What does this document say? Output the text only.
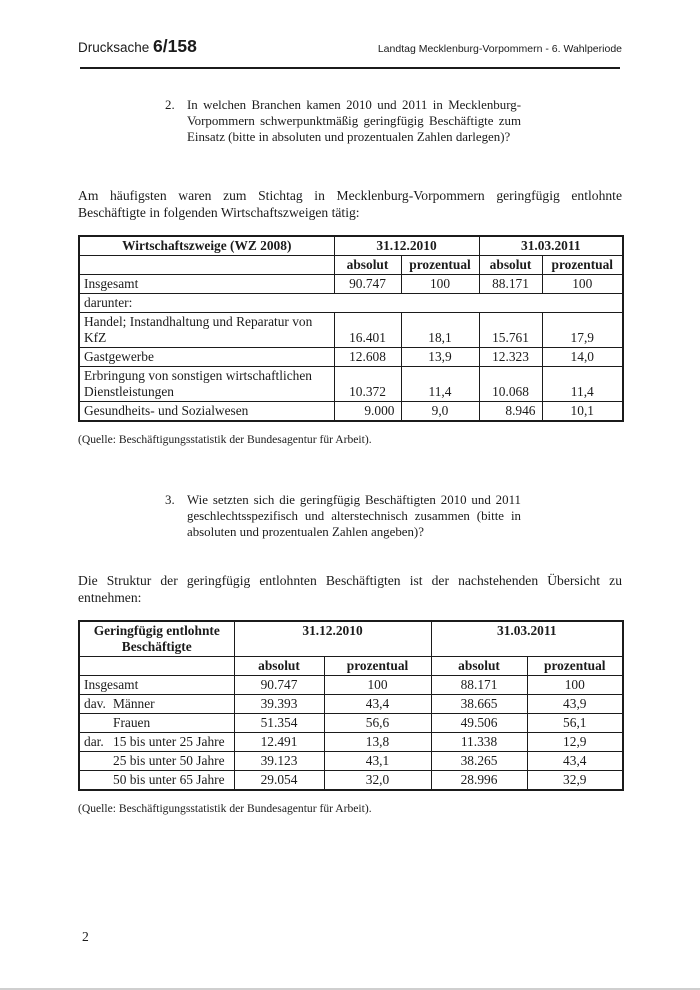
Drucksache 6/158	Landtag Mecklenburg-Vorpommern - 6. Wahlperiode
2. In welchen Branchen kamen 2010 und 2011 in Mecklenburg-Vorpommern schwerpunktmäßig geringfügig Beschäftigte zum Einsatz (bitte in absoluten und prozentualen Zahlen darlegen)?
Am häufigsten waren zum Stichtag in Mecklenburg-Vorpommern geringfügig entlohnte Beschäftigte in folgenden Wirtschaftszweigen tätig:
Wirtschaftszweige (WZ 2008)	31.12.2010		31.03.2011	
	absolut	prozentual	absolut	prozentual
Insgesamt	90.747	100	88.171	100
darunter:				
Handel; Instandhaltung und Reparatur von KfZ	16.401	18,1	15.761	17,9
Gastgewerbe	12.608	13,9	12.323	14,0
Erbringung von sonstigen wirtschaftlichen Dienstleistungen	10.372	11,4	10.068	11,4
Gesundheits- und Sozialwesen	9.000	9,0	8.946	10,1
(Quelle: Beschäftigungsstatistik der Bundesagentur für Arbeit).
3. Wie setzten sich die geringfügig Beschäftigten 2010 und 2011 geschlechtsspezifisch und alterstechnisch zusammen (bitte in absoluten und prozentualen Zahlen angeben)?
Die Struktur der geringfügig entlohnten Beschäftigten ist der nachstehenden Übersicht zu entnehmen:
Geringfügig entlohnte Beschäftigte	31.12.2010		31.03.2011	
	absolut	prozentual	absolut	prozentual
Insgesamt	90.747	100	88.171	100
dav. Männer	39.393	43,4	38.665	43,9
Frauen	51.354	56,6	49.506	56,1
dar. 15 bis unter 25 Jahre	12.491	13,8	11.338	12,9
25 bis unter 50 Jahre	39.123	43,1	38.265	43,4
50 bis unter 65 Jahre	29.054	32,0	28.996	32,9
(Quelle: Beschäftigungsstatistik der Bundesagentur für Arbeit).
2
